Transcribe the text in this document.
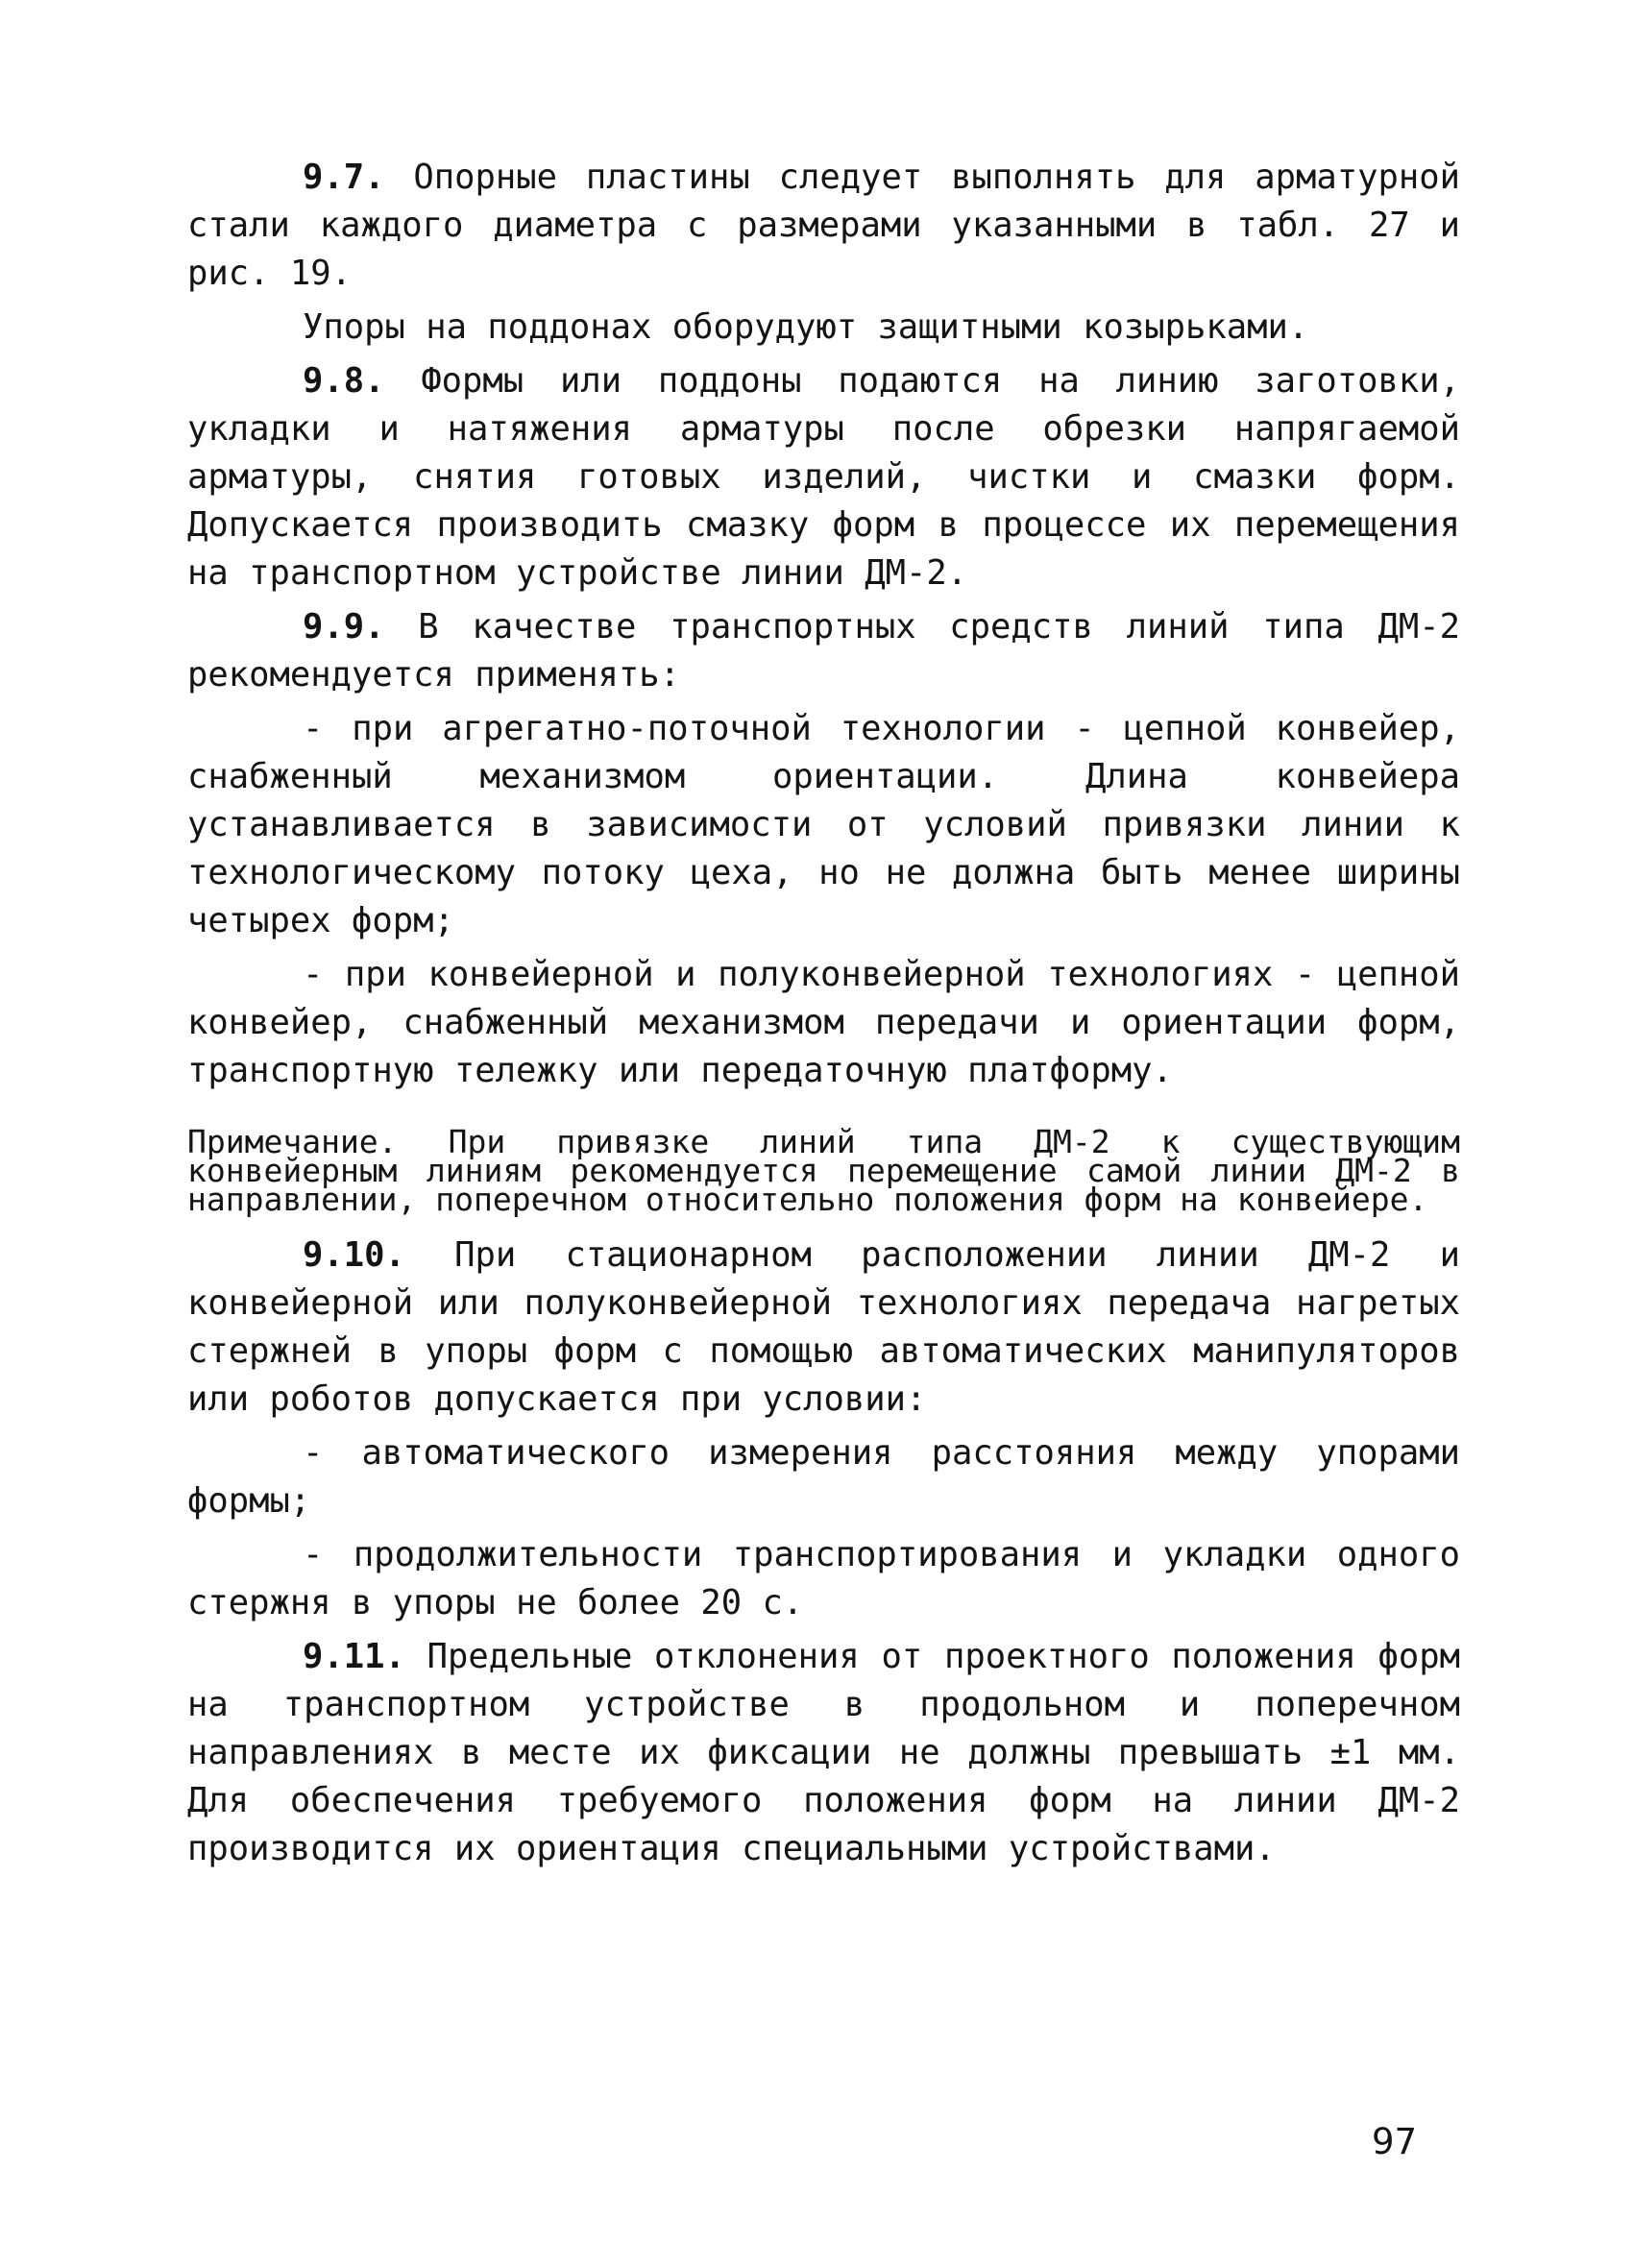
9.7. Опорные пластины следует выполнять для арматурной стали каждого диаметра с размерами указанными в табл. 27 и рис. 19.

Упоры на поддонах оборудуют защитными козырьками.

9.8. Формы или поддоны подаются на линию заготовки, укладки и натяжения арматуры после обрезки напрягаемой арматуры, снятия готовых изделий, чистки и смазки форм. Допускается производить смазку форм в процессе их перемещения на транспортном устройстве линии ДМ-2.

9.9. В качестве транспортных средств линий типа ДМ-2 рекомендуется применять:

- при агрегатно-поточной технологии - цепной конвейер, снабженный механизмом ориентации. Длина конвейера устанавливается в зависимости от условий привязки линии к технологическому потоку цеха, но не должна быть менее ширины четырех форм;

- при конвейерной и полуконвейерной технологиях - цепной конвейер, снабженный механизмом передачи и ориентации форм, транспортную тележку или передаточную платформу.

Примечание. При привязке линий типа ДМ-2 к существующим конвейерным линиям рекомендуется перемещение самой линии ДМ-2 в направлении, поперечном относительно положения форм на конвейере.

9.10. При стационарном расположении линии ДМ-2 и конвейерной или полуконвейерной технологиях передача нагретых стержней в упоры форм с помощью автоматических манипуляторов или роботов допускается при условии:

- автоматического измерения расстояния между упорами формы;

- продолжительности транспортирования и укладки одного стержня в упоры не более 20 с.

9.11. Предельные отклонения от проектного положения форм на транспортном устройстве в продольном и поперечном направлениях в месте их фиксации не должны превышать ±1 мм. Для обеспечения требуемого положения форм на линии ДМ-2 производится их ориентация специальными устройствами.

97
